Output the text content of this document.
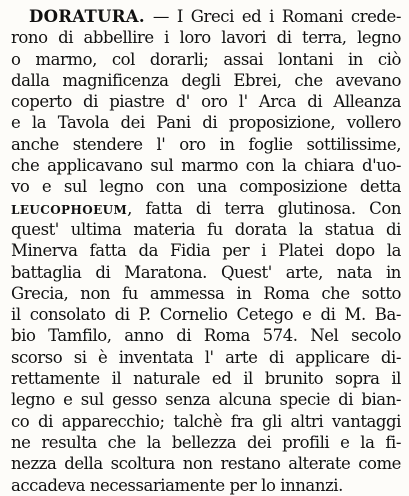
DORATURA. — I Greci ed i Romani crede-
rono di abbellire i loro lavori di terra, legno
o marmo, col dorarli; assai lontani in ciò
dalla magnificenza degli Ebrei, che avevano
coperto di piastre d' oro l' Arca di Alleanza
e la Tavola dei Pani di proposizione, vollero
anche stendere l' oro in foglie sottilissime,
che applicavano sul marmo con la chiara d'uo-
vo e sul legno con una composizione detta
LEUCOPHOEUM, fatta di terra glutinosa. Con
quest' ultima materia fu dorata la statua di
Minerva fatta da Fidia per i Platei dopo la
battaglia di Maratona. Quest' arte, nata in
Grecia, non fu ammessa in Roma che sotto
il consolato di P. Cornelio Cetego e di M. Ba-
bio Tamfilo, anno di Roma 574. Nel secolo
scorso si è inventata l' arte di applicare di-
rettamente il naturale ed il brunito sopra il
legno e sul gesso senza alcuna specie di bian-
co di apparecchio; talchè fra gli altri vantaggi
ne resulta che la bellezza dei profili e la fi-
nezza della scoltura non restano alterate come
accadeva necessariamente per lo innanzi.
